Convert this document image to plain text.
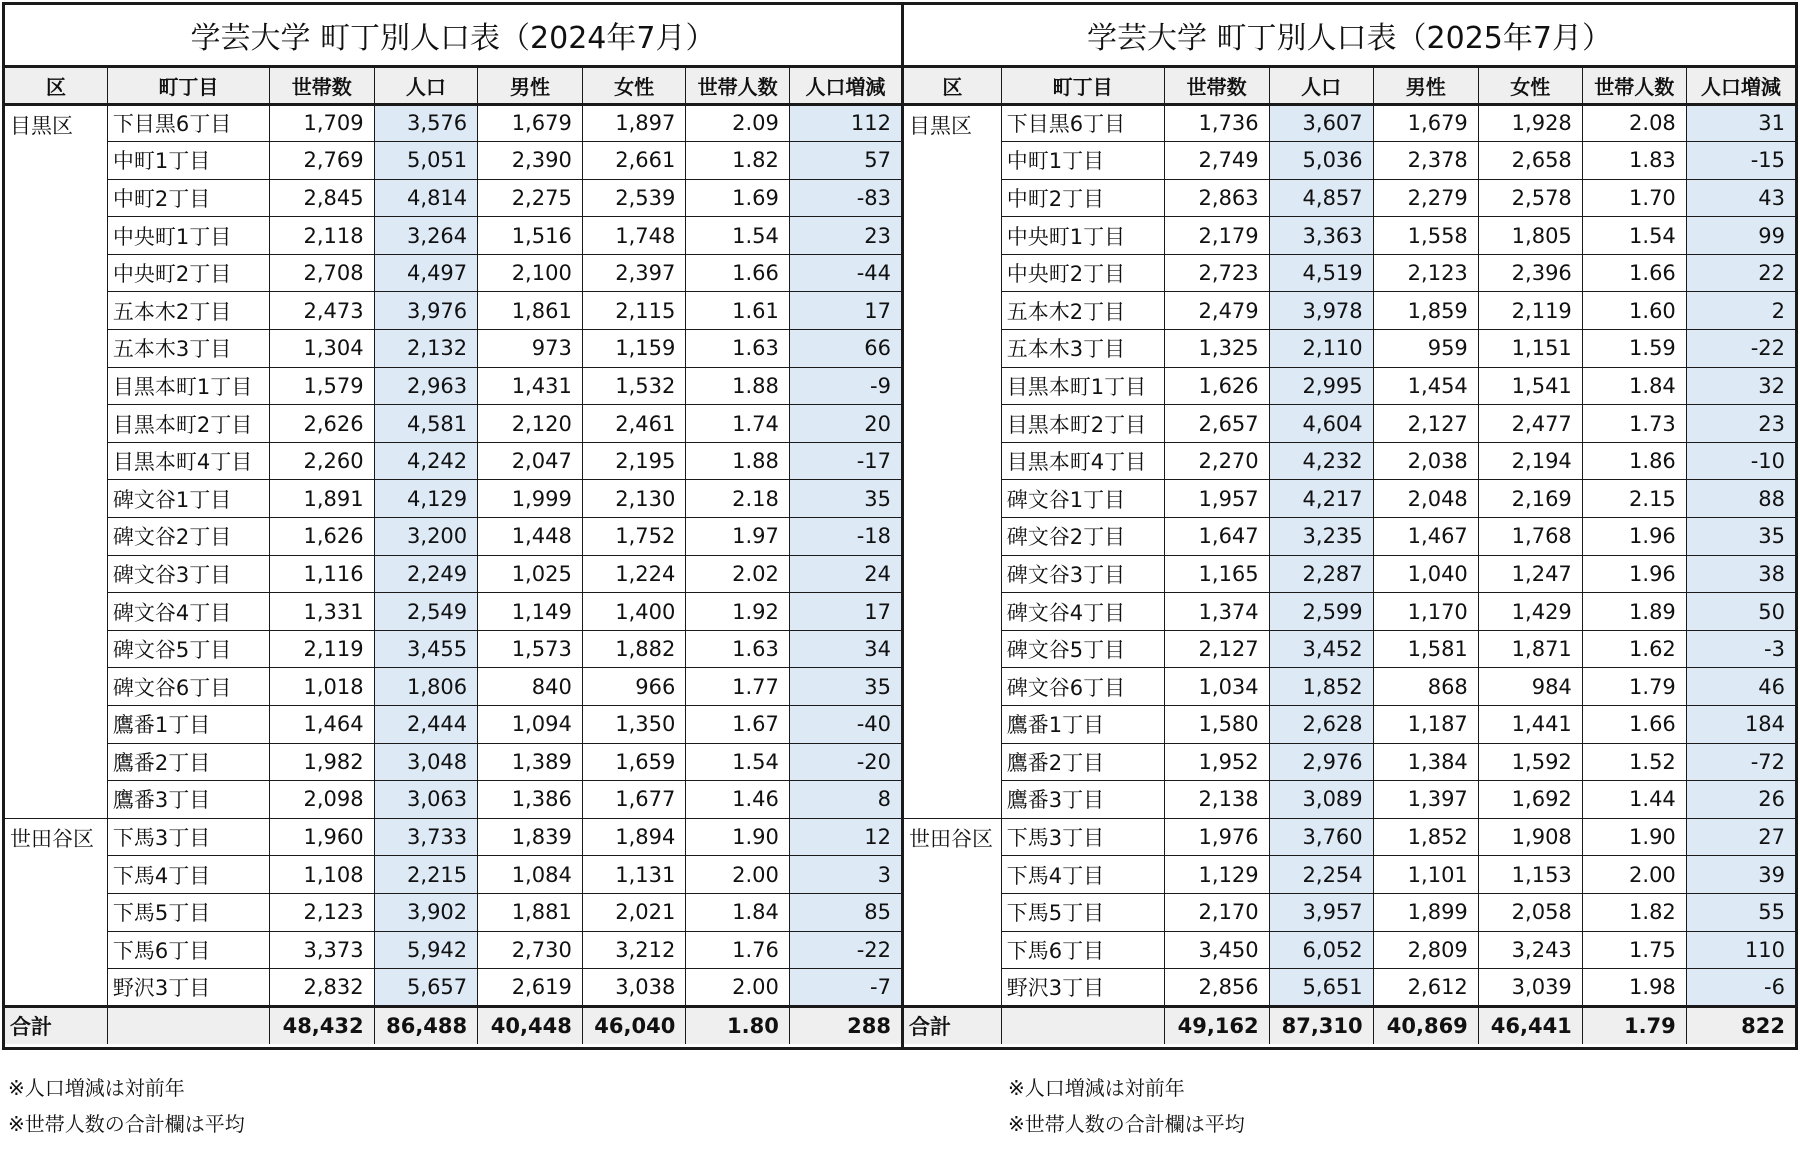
学芸大学 町丁別人口表（2024年7月）							
区	町丁目	世帯数	人口	男性	女性	世帯人数	人口増減
目黒区	下目黒6丁目	1,709	3,576	1,679	1,897	2.09	112
	中町1丁目	2,769	5,051	2,390	2,661	1.82	57
	中町2丁目	2,845	4,814	2,275	2,539	1.69	-83
	中央町1丁目	2,118	3,264	1,516	1,748	1.54	23
	中央町2丁目	2,708	4,497	2,100	2,397	1.66	-44
	五本木2丁目	2,473	3,976	1,861	2,115	1.61	17
	五本木3丁目	1,304	2,132	973	1,159	1.63	66
	目黒本町1丁目	1,579	2,963	1,431	1,532	1.88	-9
	目黒本町2丁目	2,626	4,581	2,120	2,461	1.74	20
	目黒本町4丁目	2,260	4,242	2,047	2,195	1.88	-17
	碑文谷1丁目	1,891	4,129	1,999	2,130	2.18	35
	碑文谷2丁目	1,626	3,200	1,448	1,752	1.97	-18
	碑文谷3丁目	1,116	2,249	1,025	1,224	2.02	24
	碑文谷4丁目	1,331	2,549	1,149	1,400	1.92	17
	碑文谷5丁目	2,119	3,455	1,573	1,882	1.63	34
	碑文谷6丁目	1,018	1,806	840	966	1.77	35
	鷹番1丁目	1,464	2,444	1,094	1,350	1.67	-40
	鷹番2丁目	1,982	3,048	1,389	1,659	1.54	-20
	鷹番3丁目	2,098	3,063	1,386	1,677	1.46	8
世田谷区	下馬3丁目	1,960	3,733	1,839	1,894	1.90	12
	下馬4丁目	1,108	2,215	1,084	1,131	2.00	3
	下馬5丁目	2,123	3,902	1,881	2,021	1.84	85
	下馬6丁目	3,373	5,942	2,730	3,212	1.76	-22
	野沢3丁目	2,832	5,657	2,619	3,038	2.00	-7
合計		48,432	86,488	40,448	46,040	1.80	288
学芸大学 町丁別人口表（2025年7月）							
区	町丁目	世帯数	人口	男性	女性	世帯人数	人口増減
目黒区	下目黒6丁目	1,736	3,607	1,679	1,928	2.08	31
	中町1丁目	2,749	5,036	2,378	2,658	1.83	-15
	中町2丁目	2,863	4,857	2,279	2,578	1.70	43
	中央町1丁目	2,179	3,363	1,558	1,805	1.54	99
	中央町2丁目	2,723	4,519	2,123	2,396	1.66	22
	五本木2丁目	2,479	3,978	1,859	2,119	1.60	2
	五本木3丁目	1,325	2,110	959	1,151	1.59	-22
	目黒本町1丁目	1,626	2,995	1,454	1,541	1.84	32
	目黒本町2丁目	2,657	4,604	2,127	2,477	1.73	23
	目黒本町4丁目	2,270	4,232	2,038	2,194	1.86	-10
	碑文谷1丁目	1,957	4,217	2,048	2,169	2.15	88
	碑文谷2丁目	1,647	3,235	1,467	1,768	1.96	35
	碑文谷3丁目	1,165	2,287	1,040	1,247	1.96	38
	碑文谷4丁目	1,374	2,599	1,170	1,429	1.89	50
	碑文谷5丁目	2,127	3,452	1,581	1,871	1.62	-3
	碑文谷6丁目	1,034	1,852	868	984	1.79	46
	鷹番1丁目	1,580	2,628	1,187	1,441	1.66	184
	鷹番2丁目	1,952	2,976	1,384	1,592	1.52	-72
	鷹番3丁目	2,138	3,089	1,397	1,692	1.44	26
世田谷区	下馬3丁目	1,976	3,760	1,852	1,908	1.90	27
	下馬4丁目	1,129	2,254	1,101	1,153	2.00	39
	下馬5丁目	2,170	3,957	1,899	2,058	1.82	55
	下馬6丁目	3,450	6,052	2,809	3,243	1.75	110
	野沢3丁目	2,856	5,651	2,612	3,039	1.98	-6
合計		49,162	87,310	40,869	46,441	1.79	822
※人口増減は対前年
※世帯人数の合計欄は平均
※人口増減は対前年
※世帯人数の合計欄は平均
